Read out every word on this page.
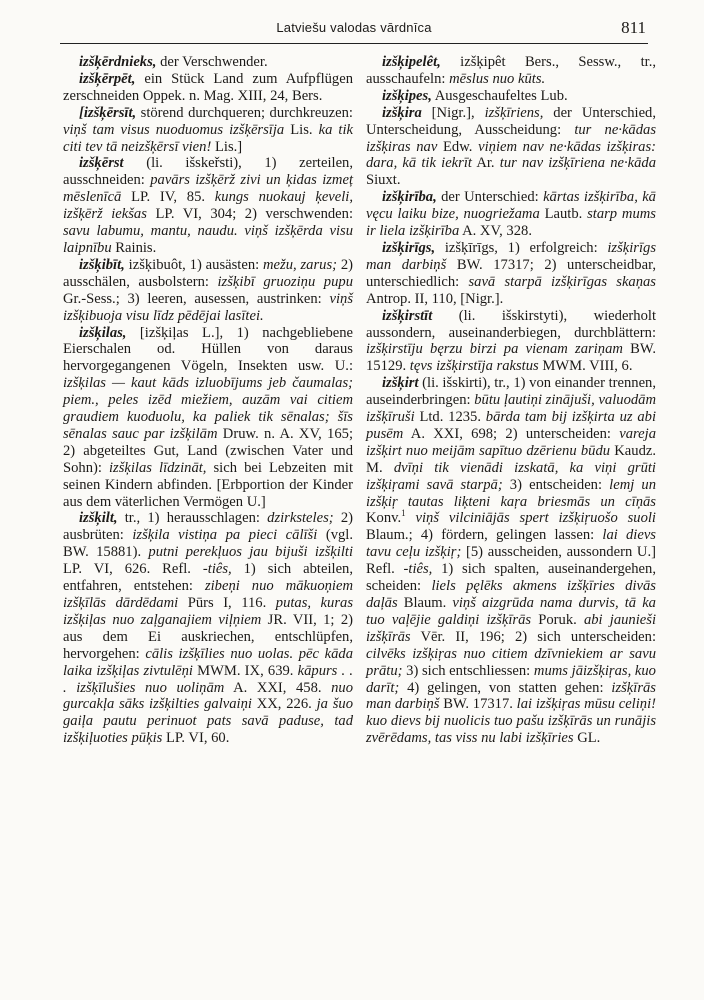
Latviešu valodas vārdnīca	811

izšķērdnieks, der Verschwender.

izšķērpēt, ein Stück Land zum Aufpflügen zerschneiden Oppek. n. Mag. XIII, 24, Bers.

[izšķērsīt, störend durchqueren; durchkreuzen: viņš tam visus nuoduomus izšķērsīja Lis. ka tik citi tev tā neizšķērsī vien! Lis.]

izšķērst (li. išskeřsti), 1) zerteilen, ausschneiden: pavārs izšķērž zivi un ķidas izmeț mēslenīcā LP. IV, 85. kungs nuokauj ķeveli, izšķērž iekšas LP. VI, 304; 2) verschwenden: savu labumu, mantu, naudu. viņš izšķērda visu laipnību Rainis.

izšķibīt, izšķibuôt, 1) ausästen: mežu, zarus; 2) ausschälen, ausbolstern: izšķibī gruoziņu pupu Gr.-Sess.; 3) leeren, ausessen, austrinken: viņš izšķibuoja visu līdz pēdējai lasītei.

izšķilas, [izšķiļas L.], 1) nachgebliebene Eierschalen od. Hüllen von daraus hervorgegangenen Vögeln, Insekten usw. U.: izšķilas — kaut kāds izluobījums jeb čaumalas; piem., peles izēd miežiem, auzām vai citiem graudiem kuoduolu, ka paliek tik sēnalas; šīs sēnalas sauc par izšķilām Druw. n. A. XV, 165; 2) abgeteiltes Gut, Land (zwischen Vater und Sohn): izšķilas līdzināt, sich bei Lebzeiten mit seinen Kindern abfinden. [Erbportion der Kinder aus dem väterlichen Vermögen U.]

izšķilt, tr., 1) herausschlagen: dzirksteles; 2) ausbrüten: izšķila vistiņa pa pieci cālīši (vgl. BW. 15881). putni perekļuos jau bijuši izšķilti LP. VI, 626. Refl. -tiês, 1) sich abteilen, entfahren, entstehen: zibeņi nuo mākuoņiem izšķīlās dārdēdami Pūrs I, 116. putas, kuras izšķiļas nuo zaļganajiem viļņiem JR. VII, 1; 2) aus dem Ei auskriechen, entschlüpfen, hervorgehen: cālis izšķīlies nuo uolas. pēc kāda laika izšķiļas zivtulēņi MWM. IX, 639. kāpurs . . . izšķīlušies nuo uoliņām A. XXI, 458. nuo gurcakļa sāks izšķilties galvaiņi XX, 226. ja šuo gaiļa pautu perinuot pats savā paduse, tad izšķiļuoties pūķis LP. VI, 60.

izšķipelêt, izšķipêt Bers., Sessw., tr., ausschaufeln: mēslus nuo kūts.

izšķipes, Ausgeschaufeltes Lub.

izšķira [Nigr.], izšķīriens, der Unterschied, Unterscheidung, Ausscheidung: tur ne·kādas izšķiras nav Edw. viņiem nav ne·kādas izšķiras: dara, kā tik iekrīt Ar. tur nav izšķīriena ne·kāda Siuxt.

izšķirība, der Unterschied: kārtas izšķirība, kā vęcu laiku bize, nuogriežama Lautb. starp mums ir liela izšķirība A. XV, 328.

izšķirīgs, izšķīrīgs, 1) erfolgreich: izšķirīgs man darbiņš BW. 17317; 2) unterscheidbar, unterschiedlich: savā starpā izšķirīgas skaņas Antrop. II, 110, [Nigr.].

izšķirstīt (li. išskirstyti), wiederholt aussondern, auseinanderbiegen, durchblättern: izšķirstīju bęrzu birzi pa vienam zariņam BW. 15129. tęvs izšķirstīja rakstus MWM. VIII, 6.

izšķirt (li. išskirti), tr., 1) von einander trennen, auseinderbringen: būtu ļautiņi zinājuši, valuodām izšķīruši Ltd. 1235. bārda tam bij izšķirta uz abi pusēm A. XXI, 698; 2) unterscheiden: vareja izšķirt nuo meijām sapītuo dzērienu būdu Kaudz. M. dvīņi tik vienādi izskatā, ka viņi grūti izšķiŗami savā starpā; 3) entscheiden: lemj un izšķiŗ tautas liķteni kaŗa briesmās un cīņās Konv.$^1$ viņš vilciniājās spert izšķiŗuošo suoli Blaum.; 4) fördern, gelingen lassen: lai dievs tavu ceļu izšķiŗ; [5) ausscheiden, aussondern U.] Refl. -tiês, 1) sich spalten, auseinandergehen, scheiden: liels pęlēks akmens izšķīries divās daļās Blaum. viņš aizgrūda nama durvis, tā ka tuo vaļējie galdiņi izšķīrās Poruk. abi jaunieši izšķīrās Vēr. II, 196; 2) sich unterscheiden: cilvēks izšķiŗas nuo citiem dzīvniekiem ar savu prātu; 3) sich entschliessen: mums jāizšķiŗas, kuo darīt; 4) gelingen, von statten gehen: izšķīrās man darbiņš BW. 17317. lai izšķiŗas mūsu celiņi! kuo dievs bij nuolicis tuo pašu izšķīrās un runājis zvērēdams, tas viss nu labi izšķīries GL.
